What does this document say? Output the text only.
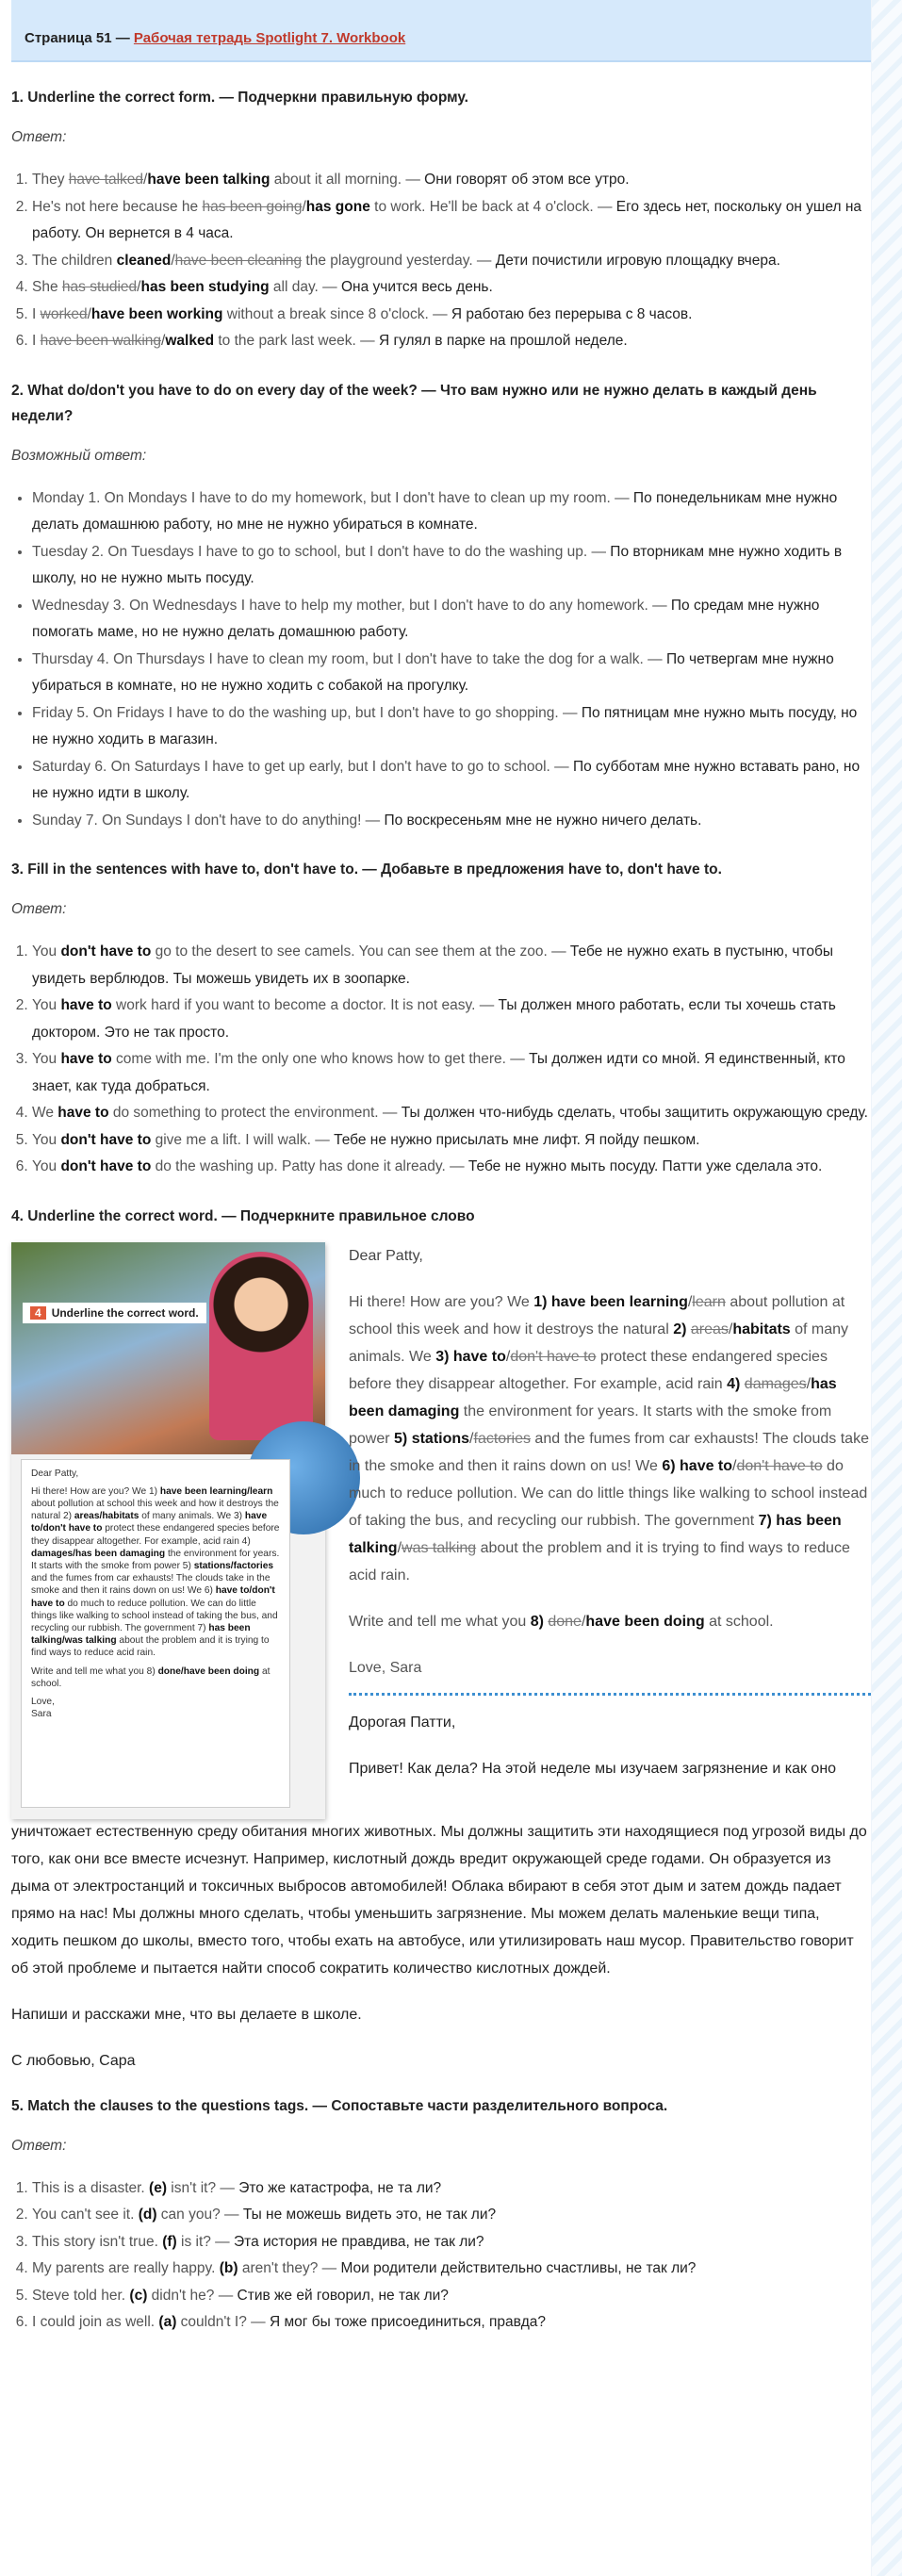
Страница 51 — Рабочая тетрадь Spotlight 7. Workbook
1. Underline the correct form. — Подчеркни правильную форму.
Ответ:
1. They have talked/have been talking about it all morning. — Они говорят об этом все утро.
2. He's not here because he has been going/has gone to work. He'll be back at 4 o'clock. — Его здесь нет, поскольку он ушел на работу. Он вернется в 4 часа.
3. The children cleaned/have been cleaning the playground yesterday. — Дети почистили игровую площадку вчера.
4. She has studied/has been studying all day. — Она учится весь день.
5. I worked/have been working without a break since 8 o'clock. — Я работаю без перерыва с 8 часов.
6. I have been walking/walked to the park last week. — Я гулял в парке на прошлой неделе.
2. What do/don't you have to do on every day of the week? — Что вам нужно или не нужно делать в каждый день недели?
Возможный ответ:
• Monday 1. On Mondays I have to do my homework, but I don't have to clean up my room. — По понедельникам мне нужно делать домашнюю работу, но мне не нужно убираться в комнате.
• Tuesday 2. On Tuesdays I have to go to school, but I don't have to do the washing up. — По вторникам мне нужно ходить в школу, но не нужно мыть посуду.
• Wednesday 3. On Wednesdays I have to help my mother, but I don't have to do any homework. — По средам мне нужно помогать маме, но не нужно делать домашнюю работу.
• Thursday 4. On Thursdays I have to clean my room, but I don't have to take the dog for a walk. — По четвергам мне нужно убираться в комнате, но не нужно ходить с собакой на прогулку.
• Friday 5. On Fridays I have to do the washing up, but I don't have to go shopping. — По пятницам мне нужно мыть посуду, но не нужно ходить в магазин.
• Saturday 6. On Saturdays I have to get up early, but I don't have to go to school. — По субботам мне нужно вставать рано, но не нужно идти в школу.
• Sunday 7. On Sundays I don't have to do anything! — По воскресеньям мне не нужно ничего делать.
3. Fill in the sentences with have to, don't have to. — Добавьте в предложения have to, don't have to.
Ответ:
1. You don't have to go to the desert to see camels. You can see them at the zoo. — Тебе не нужно ехать в пустыню, чтобы увидеть верблюдов. Ты можешь увидеть их в зоопарке.
2. You have to work hard if you want to become a doctor. It is not easy. — Ты должен много работать, если ты хочешь стать доктором. Это не так просто.
3. You have to come with me. I'm the only one who knows how to get there. — Ты должен идти со мной. Я единственный, кто знает, как туда добраться.
4. We have to do something to protect the environment. — Ты должен что-нибудь сделать, чтобы защитить окружающую среду.
5. You don't have to give me a lift. I will walk. — Тебе не нужно присылать мне лифт. Я пойду пешком.
6. You don't have to do the washing up. Patty has done it already. — Тебе не нужно мыть посуду. Патти уже сделала это.
4. Underline the correct word. — Подчеркните правильное слово
4 Underline the correct word.

Dear Patty,

Hi there! How are you? We 1) have been learning/learn about pollution at school this week and how it destroys the natural 2) areas/habitats of many animals. We 3) have to/don't have to protect these endangered species before they disappear altogether. For example, acid rain 4) damages/has been damaging the environment for years. It starts with the smoke from power 5) stations/factories and the fumes from car exhausts! The clouds take in the smoke and then it rains down on us! We 6) have to/don't have to do much to reduce pollution. We can do little things like walking to school instead of taking the bus, and recycling our rubbish. The government 7) has been talking/was talking about the problem and it is trying to find ways to reduce acid rain.

Write and tell me what you 8) done/have been doing at school.

Love,

Sara

Dear Patty,

Hi there! How are you? We 1) have been learning/learn about pollution at school this week and how it destroys the natural 2) areas/habitats of many animals. We 3) have to/don't have to protect these endangered species before they disappear altogether. For example, acid rain 4) damages/has been damaging the environment for years. It starts with the smoke from power 5) stations/factories and the fumes from car exhausts! The clouds take in the smoke and then it rains down on us! We 6) have to/don't have to do much to reduce pollution. We can do little things like walking to school instead of taking the bus, and recycling our rubbish. The government 7) has been talking/was talking about the problem and it is trying to find ways to reduce acid rain.

Write and tell me what you 8) done/have been doing at school.

Love, Sara

Дорогая Патти,
Привет! Как дела? На этой неделе мы изучаем загрязнение и как оно

уничтожает естественную среду обитания многих животных. Мы должны защитить эти находящиеся под угрозой виды до того, как они все вместе исчезнут. Например, кислотный дождь вредит окружающей среде годами. Он образуется из дыма от электростанций и токсичных выбросов автомобилей! Облака вбирают в себя этот дым и затем дождь падает прямо на нас! Мы должны много сделать, чтобы уменьшить загрязнение. Мы можем делать маленькие вещи типа, ходить пешком до школы, вместо того, чтобы ехать на автобусе, или утилизировать наш мусор. Правительство говорит об этой проблеме и пытается найти способ сократить количество кислотных дождей.

Напиши и расскажи мне, что вы делаете в школе.

С любовью, Сара

5. Match the clauses to the questions tags. — Сопоставьте части разделительного вопроса.
Ответ:
1. This is a disaster. (e) isn't it? — Это же катастрофа, не та ли?
2. You can't see it. (d) can you? — Ты не можешь видеть это, не так ли?
3. This story isn't true. (f) is it? — Эта история не правдива, не так ли?
4. My parents are really happy. (b) aren't they? — Мои родители действительно счастливы, не так ли?
5. Steve told her. (c) didn't he? — Стив же ей говорил, не так ли?
6. I could join as well. (a) couldn't I? — Я мог бы тоже присоединиться, правда?
